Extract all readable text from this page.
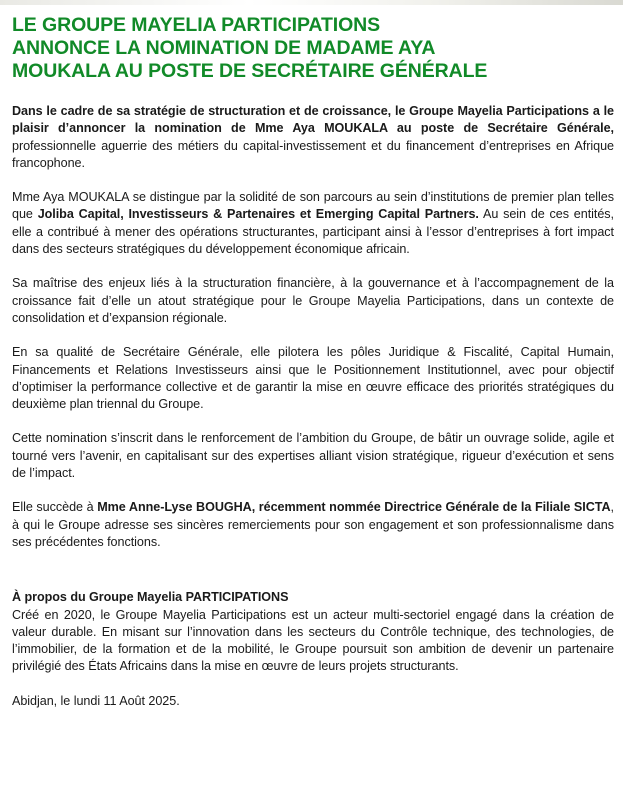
LE GROUPE MAYELIA PARTICIPATIONS
ANNONCE LA NOMINATION DE MADAME AYA
MOUKALA AU POSTE DE SECRÉTAIRE GÉNÉRALE

Dans le cadre de sa stratégie de structuration et de croissance, le Groupe Mayelia Participations a le plaisir d’annoncer la nomination de Mme Aya MOUKALA au poste de Secrétaire Générale, professionnelle aguerrie des métiers du capital-investissement et du financement d’entreprises en Afrique francophone.

Mme Aya MOUKALA se distingue par la solidité de son parcours au sein d’institutions de premier plan telles que Joliba Capital, Investisseurs & Partenaires et Emerging Capital Partners. Au sein de ces entités, elle a contribué à mener des opérations structurantes, participant ainsi à l’essor d’entreprises à fort impact dans des secteurs stratégiques du développement économique africain.

Sa maîtrise des enjeux liés à la structuration financière, à la gouvernance et à l’accompagnement de la croissance fait d’elle un atout stratégique pour le Groupe Mayelia Participations, dans un contexte de consolidation et d’expansion régionale.

En sa qualité de Secrétaire Générale, elle pilotera les pôles Juridique & Fiscalité, Capital Humain, Financements et Relations Investisseurs ainsi que le Positionnement Institutionnel, avec pour objectif d’optimiser la performance collective et de garantir la mise en œuvre efficace des priorités stratégiques du deuxième plan triennal du Groupe.

Cette nomination s’inscrit dans le renforcement de l’ambition du Groupe, de bâtir un ouvrage solide, agile et tourné vers l’avenir, en capitalisant sur des expertises alliant vision stratégique, rigueur d’exécution et sens de l’impact.

Elle succède à Mme Anne-Lyse BOUGHA, récemment nommée Directrice Générale de la Filiale SICTA, à qui le Groupe adresse ses sincères remerciements pour son engagement et son professionnalisme dans ses précédentes fonctions.

À propos du Groupe Mayelia PARTICIPATIONS
Créé en 2020, le Groupe Mayelia Participations est un acteur multi-sectoriel engagé dans la création de valeur durable. En misant sur l’innovation dans les secteurs du Contrôle technique, des technologies, de l’immobilier, de la formation et de la mobilité, le Groupe poursuit son ambition de devenir un partenaire privilégié des États Africains dans la mise en œuvre de leurs projets structurants.

Abidjan, le lundi 11 Août 2025.
